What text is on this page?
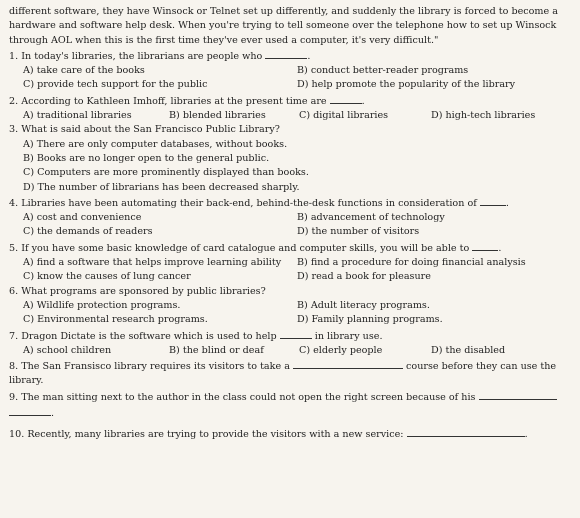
different software, they have Winsock or Telnet set up differently, and suddenly the library is forced to become a

hardware and software help desk. When you're trying to tell someone over the telephone how to set up Winsock

through AOL when this is the first time they've ever used a computer, it's very difficult."

1. In today's libraries, the librarians are people who	.
A) take care of the books	B) conduct better-reader programs
C) provide tech support for the public	D) help promote the popularity of the library
2. According to Kathleen Imhoff, libraries at the present time are	.
A) traditional libraries	B) blended libraries	C) digital libraries	D) high-tech libraries
3. What is said about the San Francisco Public Library?
A) There are only computer databases, without books.
B) Books are no longer open to the general public.
C) Computers are more prominently displayed than books.
D) The number of librarians has been decreased sharply.
4. Libraries have been automating their back-end, behind-the-desk functions in consideration of	.
A) cost and convenience	B) advancement of technology
C) the demands of readers	D) the number of visitors
5. If you have some basic knowledge of card catalogue and computer skills, you will be able to	.
A) find a software that helps improve learning ability	B) find a procedure for doing financial analysis
C) know the causes of lung cancer	D) read a book for pleasure
6. What programs are sponsored by public libraries?
A) Wildlife protection programs.	B) Adult literacy programs.
C) Environmental research programs.	D) Family planning programs.
7. Dragon Dictate is the software which is used to help	in library use.
A) school children	B) the blind or deaf	C) elderly people	D) the disabled
8. The San Fransisco library requires its visitors to take a	course before they can use the
library.
9. The man sitting next to the author in the class could not open the right screen because of his
.
10. Recently, many libraries are trying to provide the visitors with a new service:	.
